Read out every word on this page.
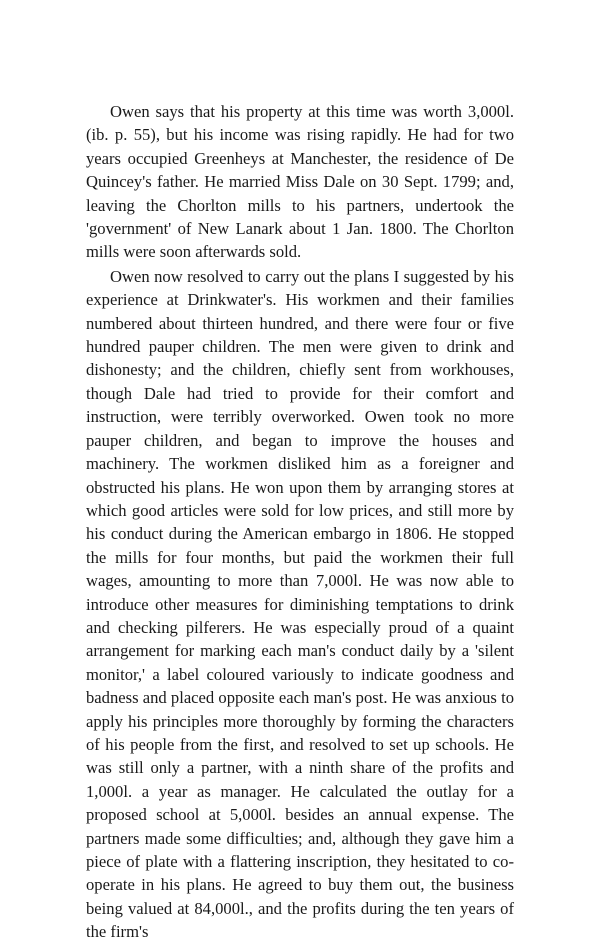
Owen says that his property at this time was worth 3,000l. (ib. p. 55), but his income was rising rapidly. He had for two years occupied Greenheys at Manchester, the residence of De Quincey's father. He married Miss Dale on 30 Sept. 1799; and, leaving the Chorlton mills to his partners, undertook the 'government' of New Lanark about 1 Jan. 1800. The Chorlton mills were soon afterwards sold.

Owen now resolved to carry out the plans I suggested by his experience at Drinkwater's. His workmen and their families numbered about thirteen hundred, and there were four or five hundred pauper children. The men were given to drink and dishonesty; and the children, chiefly sent from workhouses, though Dale had tried to provide for their comfort and instruction, were terribly overworked. Owen took no more pauper children, and began to improve the houses and machinery. The workmen disliked him as a foreigner and obstructed his plans. He won upon them by arranging stores at which good articles were sold for low prices, and still more by his conduct during the American embargo in 1806. He stopped the mills for four months, but paid the workmen their full wages, amounting to more than 7,000l. He was now able to introduce other measures for diminishing temptations to drink and checking pilferers. He was especially proud of a quaint arrangement for marking each man's conduct daily by a 'silent monitor,' a label coloured variously to indicate goodness and badness and placed opposite each man's post. He was anxious to apply his principles more thoroughly by forming the characters of his people from the first, and resolved to set up schools. He was still only a partner, with a ninth share of the profits and 1,000l. a year as manager. He calculated the outlay for a proposed school at 5,000l. besides an annual expense. The partners made some difficulties; and, although they gave him a piece of plate with a flattering inscription, they hesitated to co-operate in his plans. He agreed to buy them out, the business being valued at 84,000l., and the profits during the ten years of the firm's
